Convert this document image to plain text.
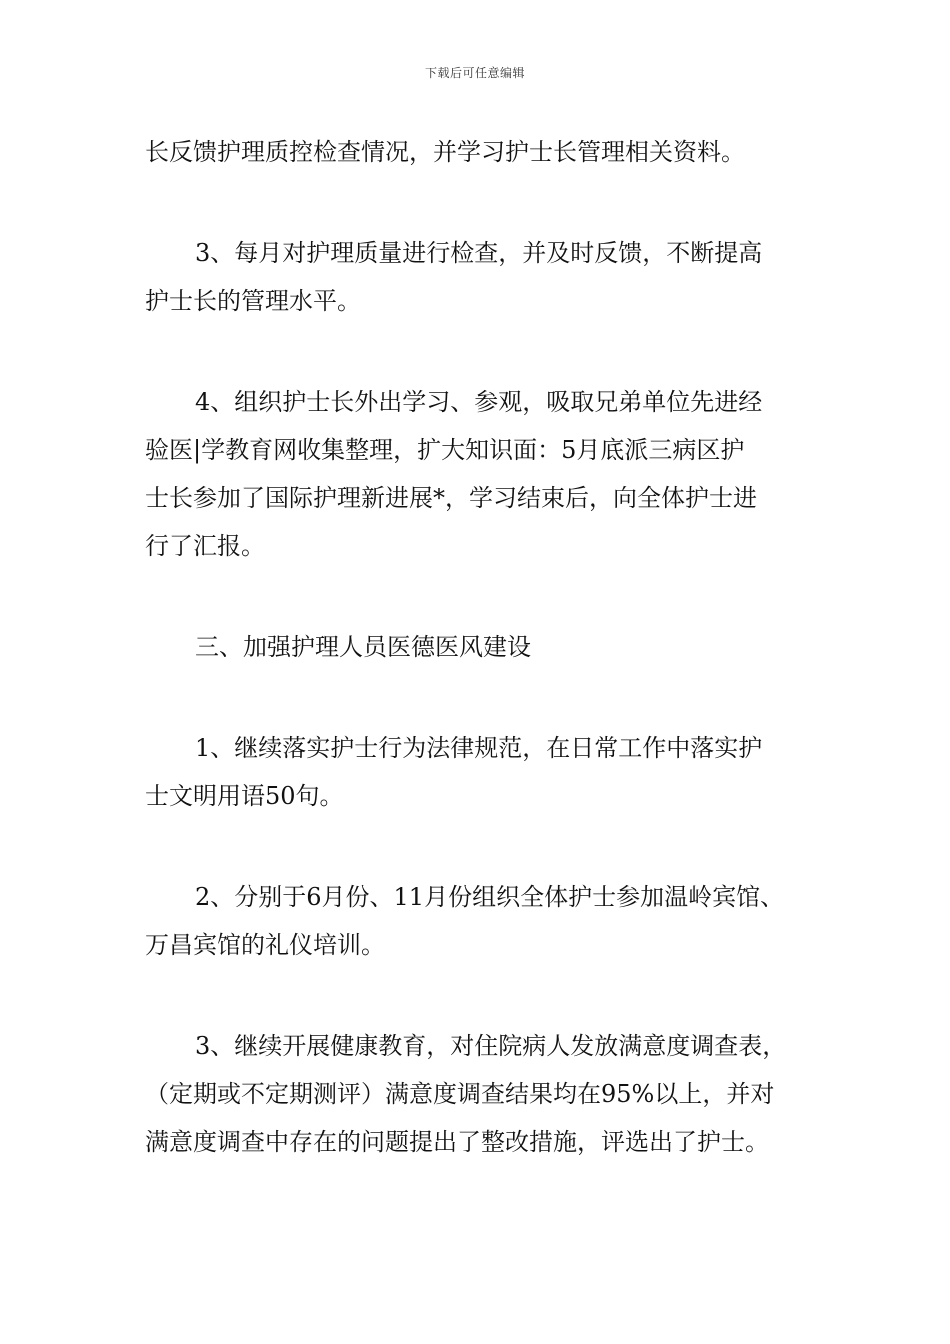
下载后可任意编辑

长反馈护理质控检查情况，并学习护士长管理相关资料。

3、每月对护理质量进行检查，并及时反馈，不断提高
护士长的管理水平。

4、组织护士长外出学习、参观，吸取兄弟单位先进经
验医|学教育网收集整理，扩大知识面：5月底派三病区护
士长参加了国际护理新进展*，学习结束后，向全体护士进
行了汇报。

三、加强护理人员医德医风建设

1、继续落实护士行为法律规范，在日常工作中落实护
士文明用语50句。

2、分别于6月份、11月份组织全体护士参加温岭宾馆、
万昌宾馆的礼仪培训。

3、继续开展健康教育，对住院病人发放满意度调查表，
（定期或不定期测评）满意度调查结果均在95%以上，并对
满意度调查中存在的问题提出了整改措施，评选出了护士。
